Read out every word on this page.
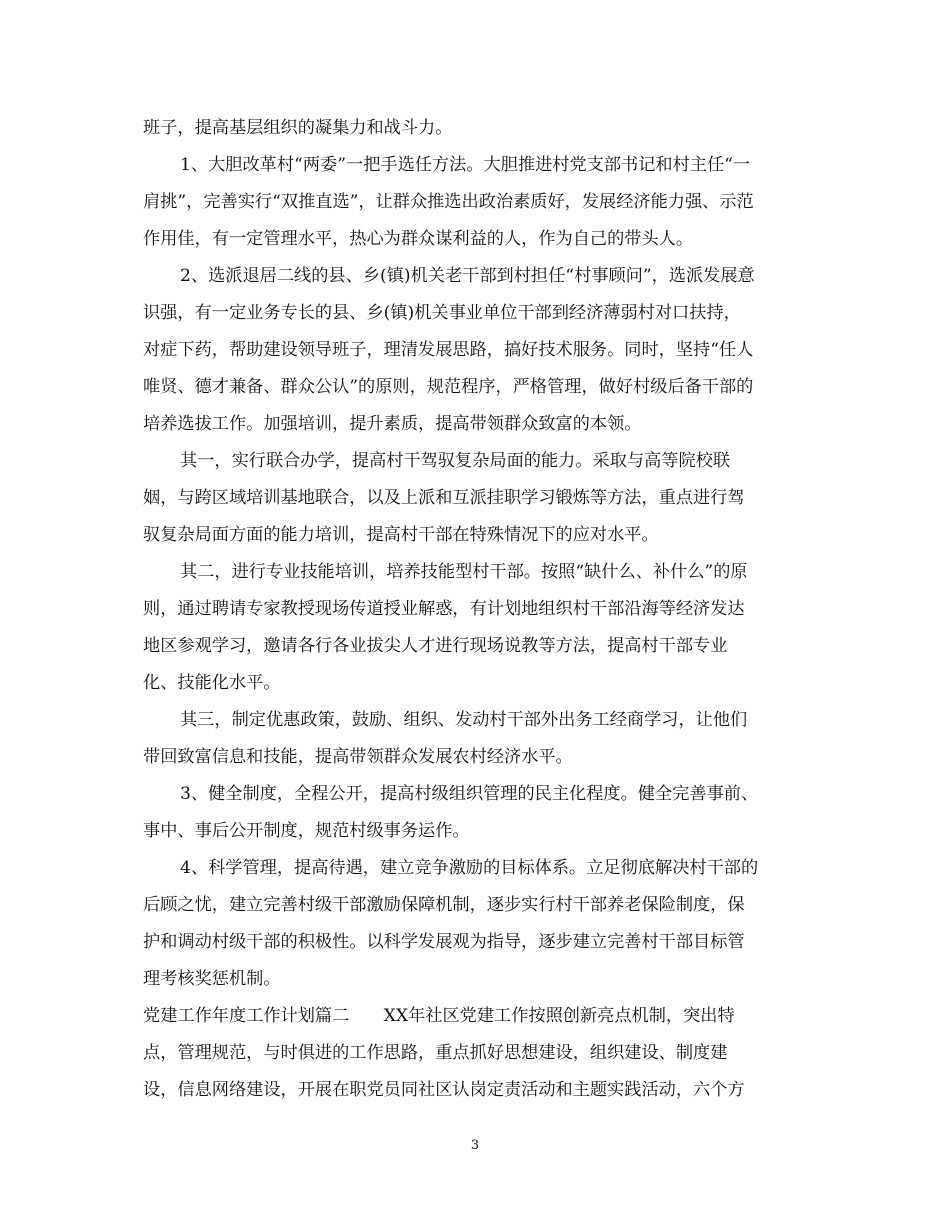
班子，提高基层组织的凝集力和战斗力。
1、大胆改革村“两委”一把手选任方法。大胆推进村党支部书记和村主任“一
肩挑”，完善实行“双推直选”，让群众推选出政治素质好，发展经济能力强、示范
作用佳，有一定管理水平，热心为群众谋利益的人，作为自己的带头人。
2、选派退居二线的县、乡(镇)机关老干部到村担任“村事顾问”，选派发展意
识强，有一定业务专长的县、乡(镇)机关事业单位干部到经济薄弱村对口扶持，
对症下药，帮助建设领导班子，理清发展思路，搞好技术服务。同时，坚持“任人
唯贤、德才兼备、群众公认”的原则，规范程序，严格管理，做好村级后备干部的
培养选拔工作。加强培训，提升素质，提高带领群众致富的本领。
其一，实行联合办学，提高村干驾驭复杂局面的能力。采取与高等院校联
姻，与跨区域培训基地联合，以及上派和互派挂职学习锻炼等方法，重点进行驾
驭复杂局面方面的能力培训，提高村干部在特殊情况下的应对水平。
其二，进行专业技能培训，培养技能型村干部。按照“缺什么、补什么”的原
则，通过聘请专家教授现场传道授业解惑，有计划地组织村干部沿海等经济发达
地区参观学习，邀请各行各业拔尖人才进行现场说教等方法，提高村干部专业
化、技能化水平。
其三，制定优惠政策，鼓励、组织、发动村干部外出务工经商学习，让他们
带回致富信息和技能，提高带领群众发展农村经济水平。
3、健全制度，全程公开，提高村级组织管理的民主化程度。健全完善事前、
事中、事后公开制度，规范村级事务运作。
4、科学管理，提高待遇，建立竞争激励的目标体系。立足彻底解决村干部的
后顾之忧，建立完善村级干部激励保障机制，逐步实行村干部养老保险制度，保
护和调动村级干部的积极性。以科学发展观为指导，逐步建立完善村干部目标管
理考核奖惩机制。
党建工作年度工作计划篇二　　XX年社区党建工作按照创新亮点机制，突出特
点，管理规范，与时俱进的工作思路，重点抓好思想建设，组织建设、制度建
设，信息网络建设，开展在职党员同社区认岗定责活动和主题实践活动，六个方
3
